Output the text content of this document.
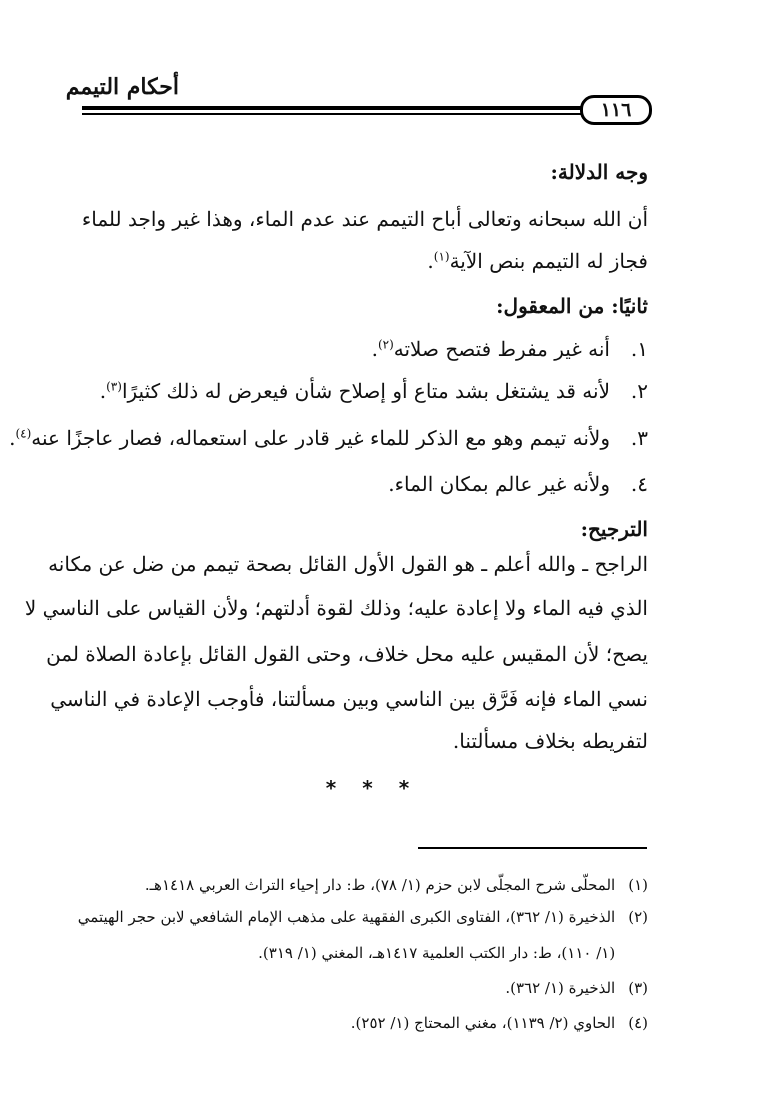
أحكام التيمم
١١٦
وجه الدلالة:
أن الله سبحانه وتعالى أباح التيمم عند عدم الماء، وهذا غير واجد للماء
فجاز له التيمم بنص الآية$^{(١)}$.
ثانيًا: من المعقول:
١.
أنه غير مفرط فتصح صلاته$^{(٢)}$.
٢.
لأنه قد يشتغل بشد متاع أو إصلاح شأن فيعرض له ذلك كثيرًا$^{(٣)}$.
٣.
ولأنه تيمم وهو مع الذكر للماء غير قادر على استعماله، فصار عاجزًا عنه$^{(٤)}$.
٤.
ولأنه غير عالم بمكان الماء.
الترجيح:
الراجح ـ والله أعلم ـ هو القول الأول القائل بصحة تيمم من ضل عن مكانه
الذي فيه الماء ولا إعادة عليه؛ وذلك لقوة أدلتهم؛ ولأن القياس على الناسي لا
يصح؛ لأن المقيس عليه محل خلاف، وحتى القول القائل بإعادة الصلاة لمن
نسي الماء فإنه فَرَّق بين الناسي وبين مسألتنا، فأوجب الإعادة في الناسي
لتفريطه بخلاف مسألتنا.
***
(١) المحلّى شرح المجلّى لابن حزم (١/ ٧٨)، ط: دار إحياء التراث العربي ١٤١٨هـ.
(٢) الذخيرة (١/ ٣٦٢)، الفتاوى الكبرى الفقهية على مذهب الإمام الشافعي لابن حجر الهيتمي
(١/ ١١٠)، ط: دار الكتب العلمية ١٤١٧هـ، المغني (١/ ٣١٩).
(٣) الذخيرة (١/ ٣٦٢).
(٤) الحاوي (٢/ ١١٣٩)، مغني المحتاج (١/ ٢٥٢).
